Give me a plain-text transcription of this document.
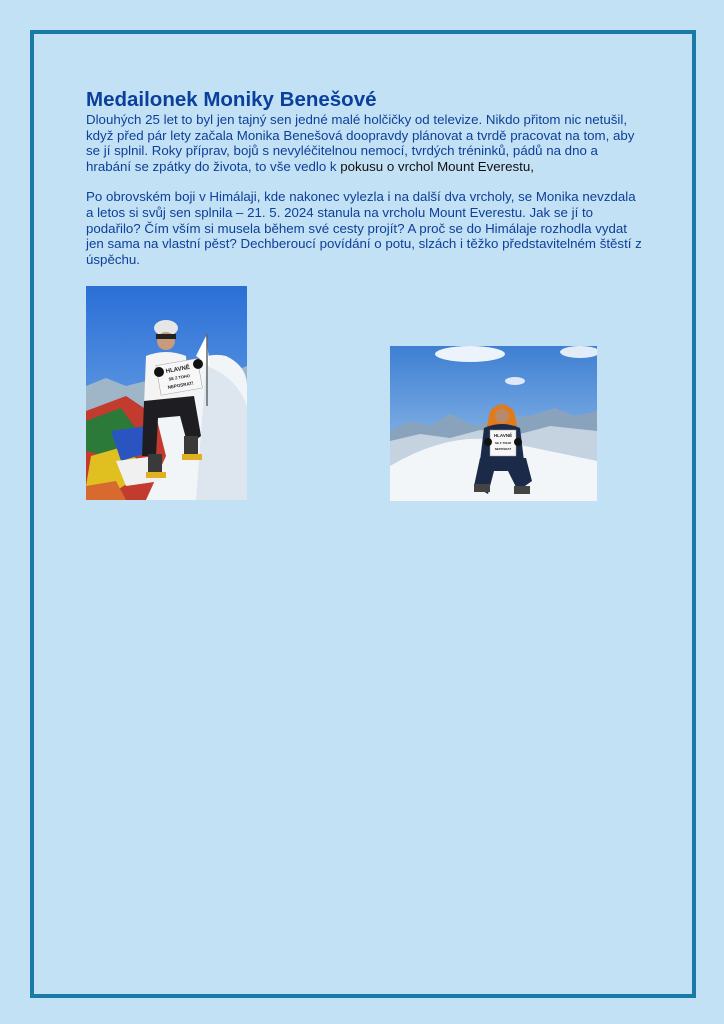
Medailonek Moniky Benešové

Dlouhých 25 let to byl jen tajný sen jedné malé holčičky od televize. Nikdo přitom nic netušil, když před pár lety začala Monika Benešová doopravdy plánovat a tvrdě pracovat na tom, aby se jí splnil. Roky příprav, bojů s nevyléčitelnou nemocí, tvrdých tréninků, pádů na dno a hrabání se zpátky do života, to vše vedlo k pokusu o vrchol Mount Everestu,

Po obrovském boji v Himálaji, kde nakonec vylezla i na další dva vrcholy, se Monika nevzdala a letos si svůj sen splnila – 21. 5. 2024 stanula na vrcholu Mount Everestu. Jak se jí to podařilo? Čím vším si musela během své cesty projít? A proč se do Himálaje rozhodla vydat jen sama na vlastní pěst? Dechberoucí povídání o potu, slzách i těžko představitelném štěstí z úspěchu.

HLAVNĚ
SE Z TOHO
NEPOSRAT!
HLAVNĚ
SE Z TOHO
NEPOSRAT
